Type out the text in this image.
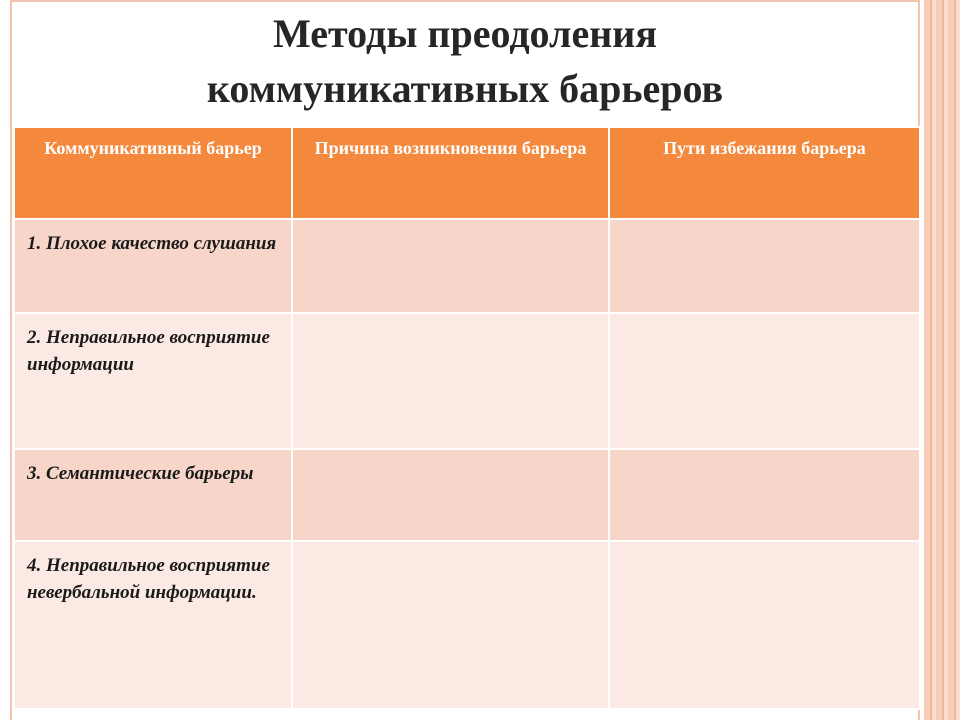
Методы преодоления
коммуникативных барьеров
Коммуникативный барьер	Причина возникновения барьера	Пути избежания барьера
1. Плохое качество слушания		
2. Неправильное восприятие информации		
3. Семантические барьеры		
4. Неправильное восприятие невербальной информации.		
